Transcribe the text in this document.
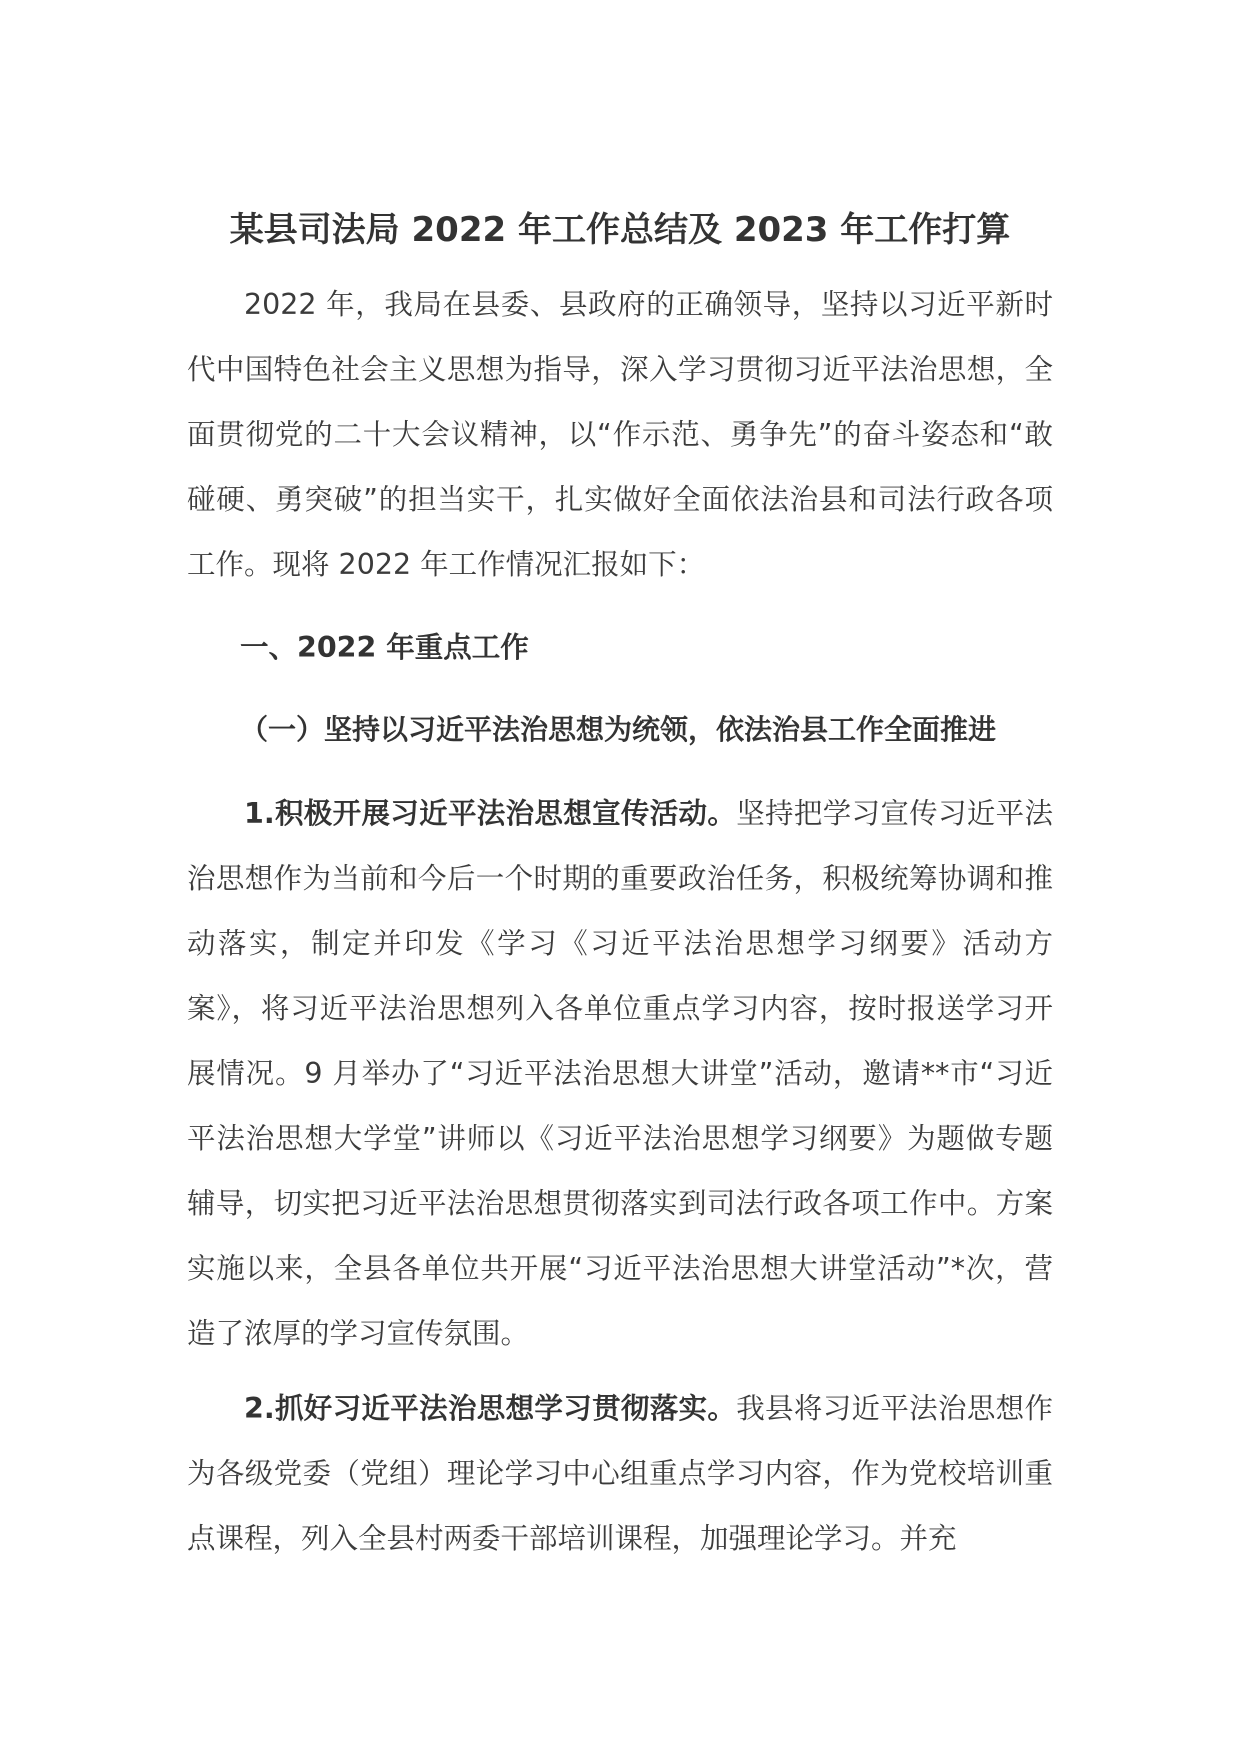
某县司法局 2022 年工作总结及 2023 年工作打算

2022 年，我局在县委、县政府的正确领导，坚持以习近平新时代中国特色社会主义思想为指导，深入学习贯彻习近平法治思想，全面贯彻党的二十大会议精神，以“作示范、勇争先”的奋斗姿态和“敢碰硬、勇突破”的担当实干，扎实做好全面依法治县和司法行政各项工作。现将 2022 年工作情况汇报如下：

一、2022 年重点工作
（一）坚持以习近平法治思想为统领，依法治县工作全面推进

1.积极开展习近平法治思想宣传活动。坚持把学习宣传习近平法治思想作为当前和今后一个时期的重要政治任务，积极统筹协调和推动落实，制定并印发《学习《习近平法治思想学习纲要》活动方案》，将习近平法治思想列入各单位重点学习内容，按时报送学习开展情况。9 月举办了“习近平法治思想大讲堂”活动，邀请**市“习近平法治思想大学堂”讲师以《习近平法治思想学习纲要》为题做专题辅导，切实把习近平法治思想贯彻落实到司法行政各项工作中。方案实施以来，全县各单位共开展“习近平法治思想大讲堂活动”*次，营造了浓厚的学习宣传氛围。

2.抓好习近平法治思想学习贯彻落实。我县将习近平法治思想作为各级党委（党组）理论学习中心组重点学习内容，作为党校培训重点课程，列入全县村两委干部培训课程，加强理论学习。并充
